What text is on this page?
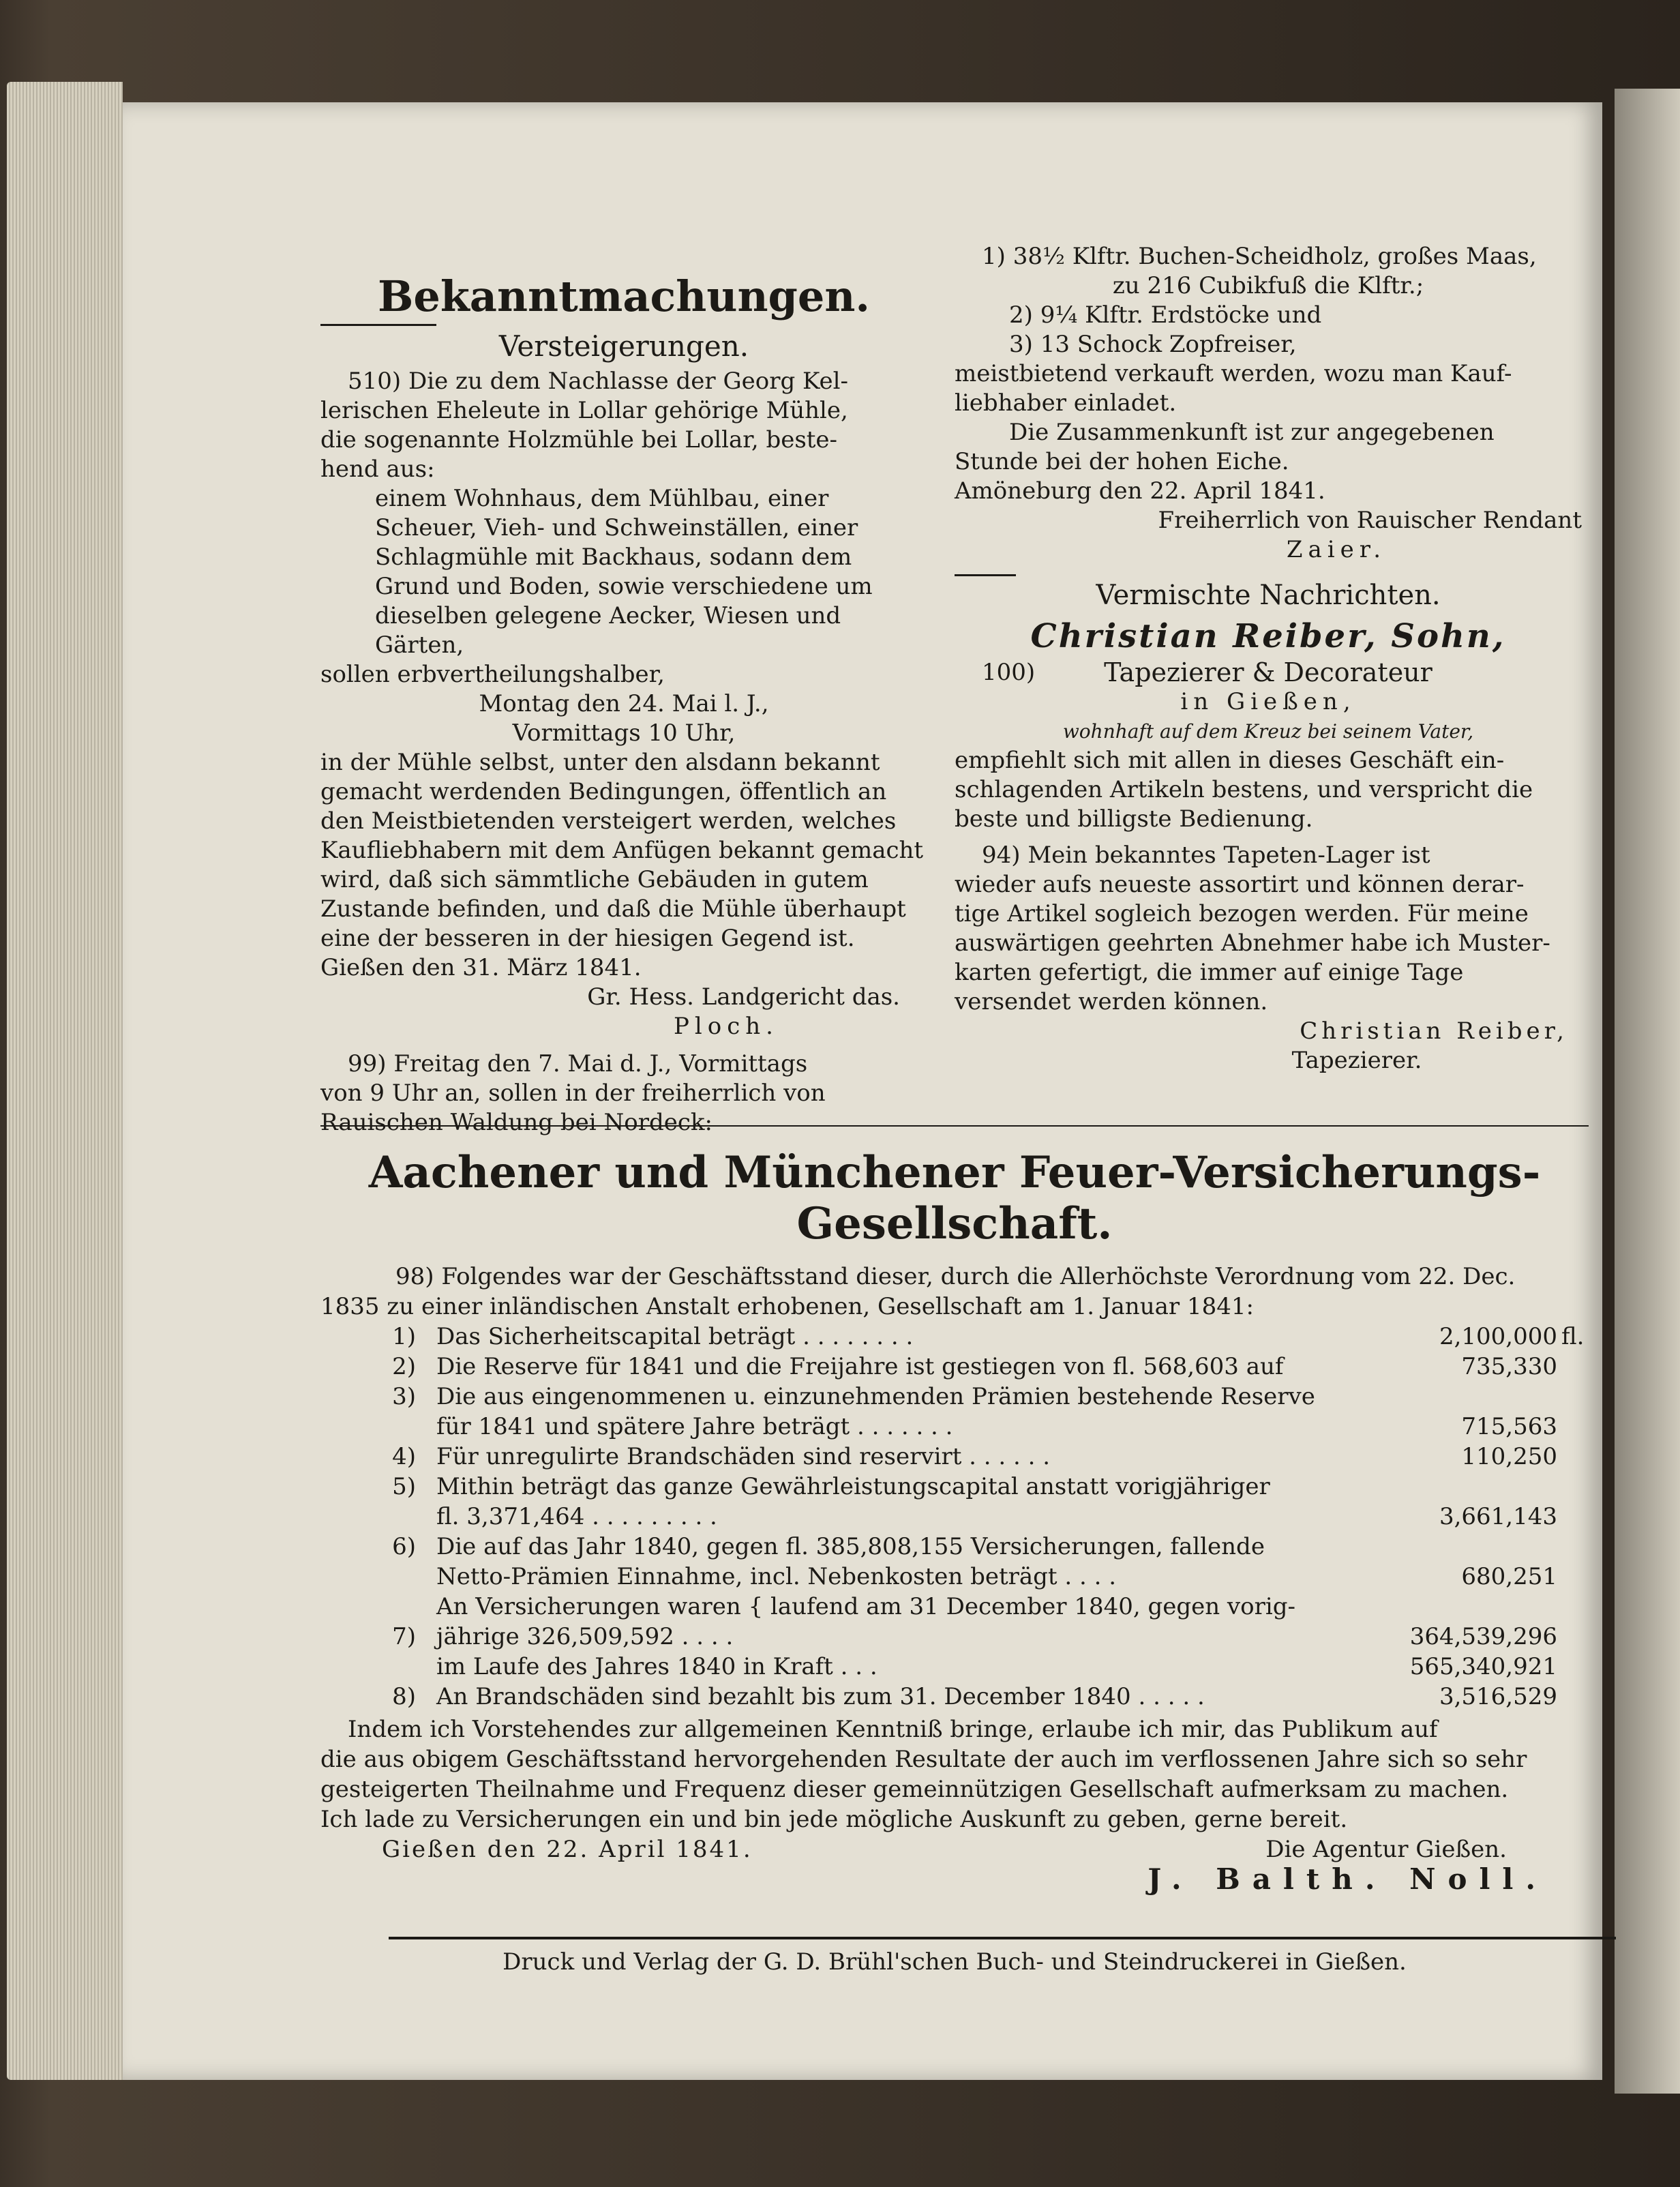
Bekanntmachungen.
Versteigerungen.
510) Die zu dem Nachlasse der Georg Kel-
lerischen Eheleute in Lollar gehörige Mühle,
die sogenannte Holzmühle bei Lollar, beste-
hend aus:
einem Wohnhaus, dem Mühlbau, einer
Scheuer, Vieh- und Schweinställen, einer
Schlagmühle mit Backhaus, sodann dem
Grund und Boden, sowie verschiedene um
dieselben gelegene Aecker, Wiesen und Gärten,
sollen erbvertheilungshalber,
Montag den 24. Mai l. J.,
Vormittags 10 Uhr,
in der Mühle selbst, unter den alsdann bekannt
gemacht werdenden Bedingungen, öffentlich an
den Meistbietenden versteigert werden, welches
Kaufliebhabern mit dem Anfügen bekannt gemacht
wird, daß sich sämmtliche Gebäuden in gutem
Zustande befinden, und daß die Mühle überhaupt
eine der besseren in der hiesigen Gegend ist.
Gießen den 31. März 1841.
Gr. Hess. Landgericht das.
Ploch.
99) Freitag den 7. Mai d. J., Vormittags
von 9 Uhr an, sollen in der freiherrlich von
Rauischen Waldung bei Nordeck:
1) 38½ Klftr. Buchen-Scheidholz, großes Maas,
zu 216 Cubikfuß die Klftr.;
2) 9¼ Klftr. Erdstöcke und
3) 13 Schock Zopfreiser,
meistbietend verkauft werden, wozu man Kauf-
liebhaber einladet.
Die Zusammenkunft ist zur angegebenen
Stunde bei der hohen Eiche.
Amöneburg den 22. April 1841.
Freiherrlich von Rauischer Rendant
Zaier.
Vermischte Nachrichten.
Christian Reiber, Sohn,
100)	Tapezierer & Decorateur
in Gießen,
wohnhaft auf dem Kreuz bei seinem Vater,
empfiehlt sich mit allen in dieses Geschäft ein-
schlagenden Artikeln bestens, und verspricht die
beste und billigste Bedienung.
94) Mein bekanntes Tapeten-Lager ist
wieder aufs neueste assortirt und können derar-
tige Artikel sogleich bezogen werden. Für meine
auswärtigen geehrten Abnehmer habe ich Muster-
karten gefertigt, die immer auf einige Tage
versendet werden können.
Christian Reiber,
Tapezierer.
Aachener und Münchener Feuer-Versicherungs-
Gesellschaft.
98) Folgendes war der Geschäftsstand dieser, durch die Allerhöchste Verordnung vom 22. Dec.
1835 zu einer inländischen Anstalt erhobenen, Gesellschaft am 1. Januar 1841:
1) Das Sicherheitscapital beträgt . . . . . . . .	2,100,000 fl.
2) Die Reserve für 1841 und die Freijahre ist gestiegen von fl. 568,603 auf	735,330
3) Die aus eingenommenen u. einzunehmenden Prämien bestehende Reserve
für 1841 und spätere Jahre beträgt . . . . . . .	715,563
4) Für unregulirte Brandschäden sind reservirt . . . . . .	110,250
5) Mithin beträgt das ganze Gewährleistungscapital anstatt vorigjähriger
fl. 3,371,464 . . . . . . . . .	3,661,143
6) Die auf das Jahr 1840, gegen fl. 385,808,155 Versicherungen, fallende
Netto-Prämien Einnahme, incl. Nebenkosten beträgt . . . .	680,251
An Versicherungen waren { laufend am 31 December 1840, gegen vorig-
7) jährige 326,509,592 . . . .	364,539,296
im Laufe des Jahres 1840 in Kraft . . .	565,340,921
8) An Brandschäden sind bezahlt bis zum 31. December 1840 . . . . .	3,516,529
Indem ich Vorstehendes zur allgemeinen Kenntniß bringe, erlaube ich mir, das Publikum auf
die aus obigem Geschäftsstand hervorgehenden Resultate der auch im verflossenen Jahre sich so sehr
gesteigerten Theilnahme und Frequenz dieser gemeinnützigen Gesellschaft aufmerksam zu machen.
Ich lade zu Versicherungen ein und bin jede mögliche Auskunft zu geben, gerne bereit.
Gießen den 22. April 1841.	Die Agentur Gießen.
J. Balth. Noll.
Druck und Verlag der G. D. Brühl'schen Buch- und Steindruckerei in Gießen.
